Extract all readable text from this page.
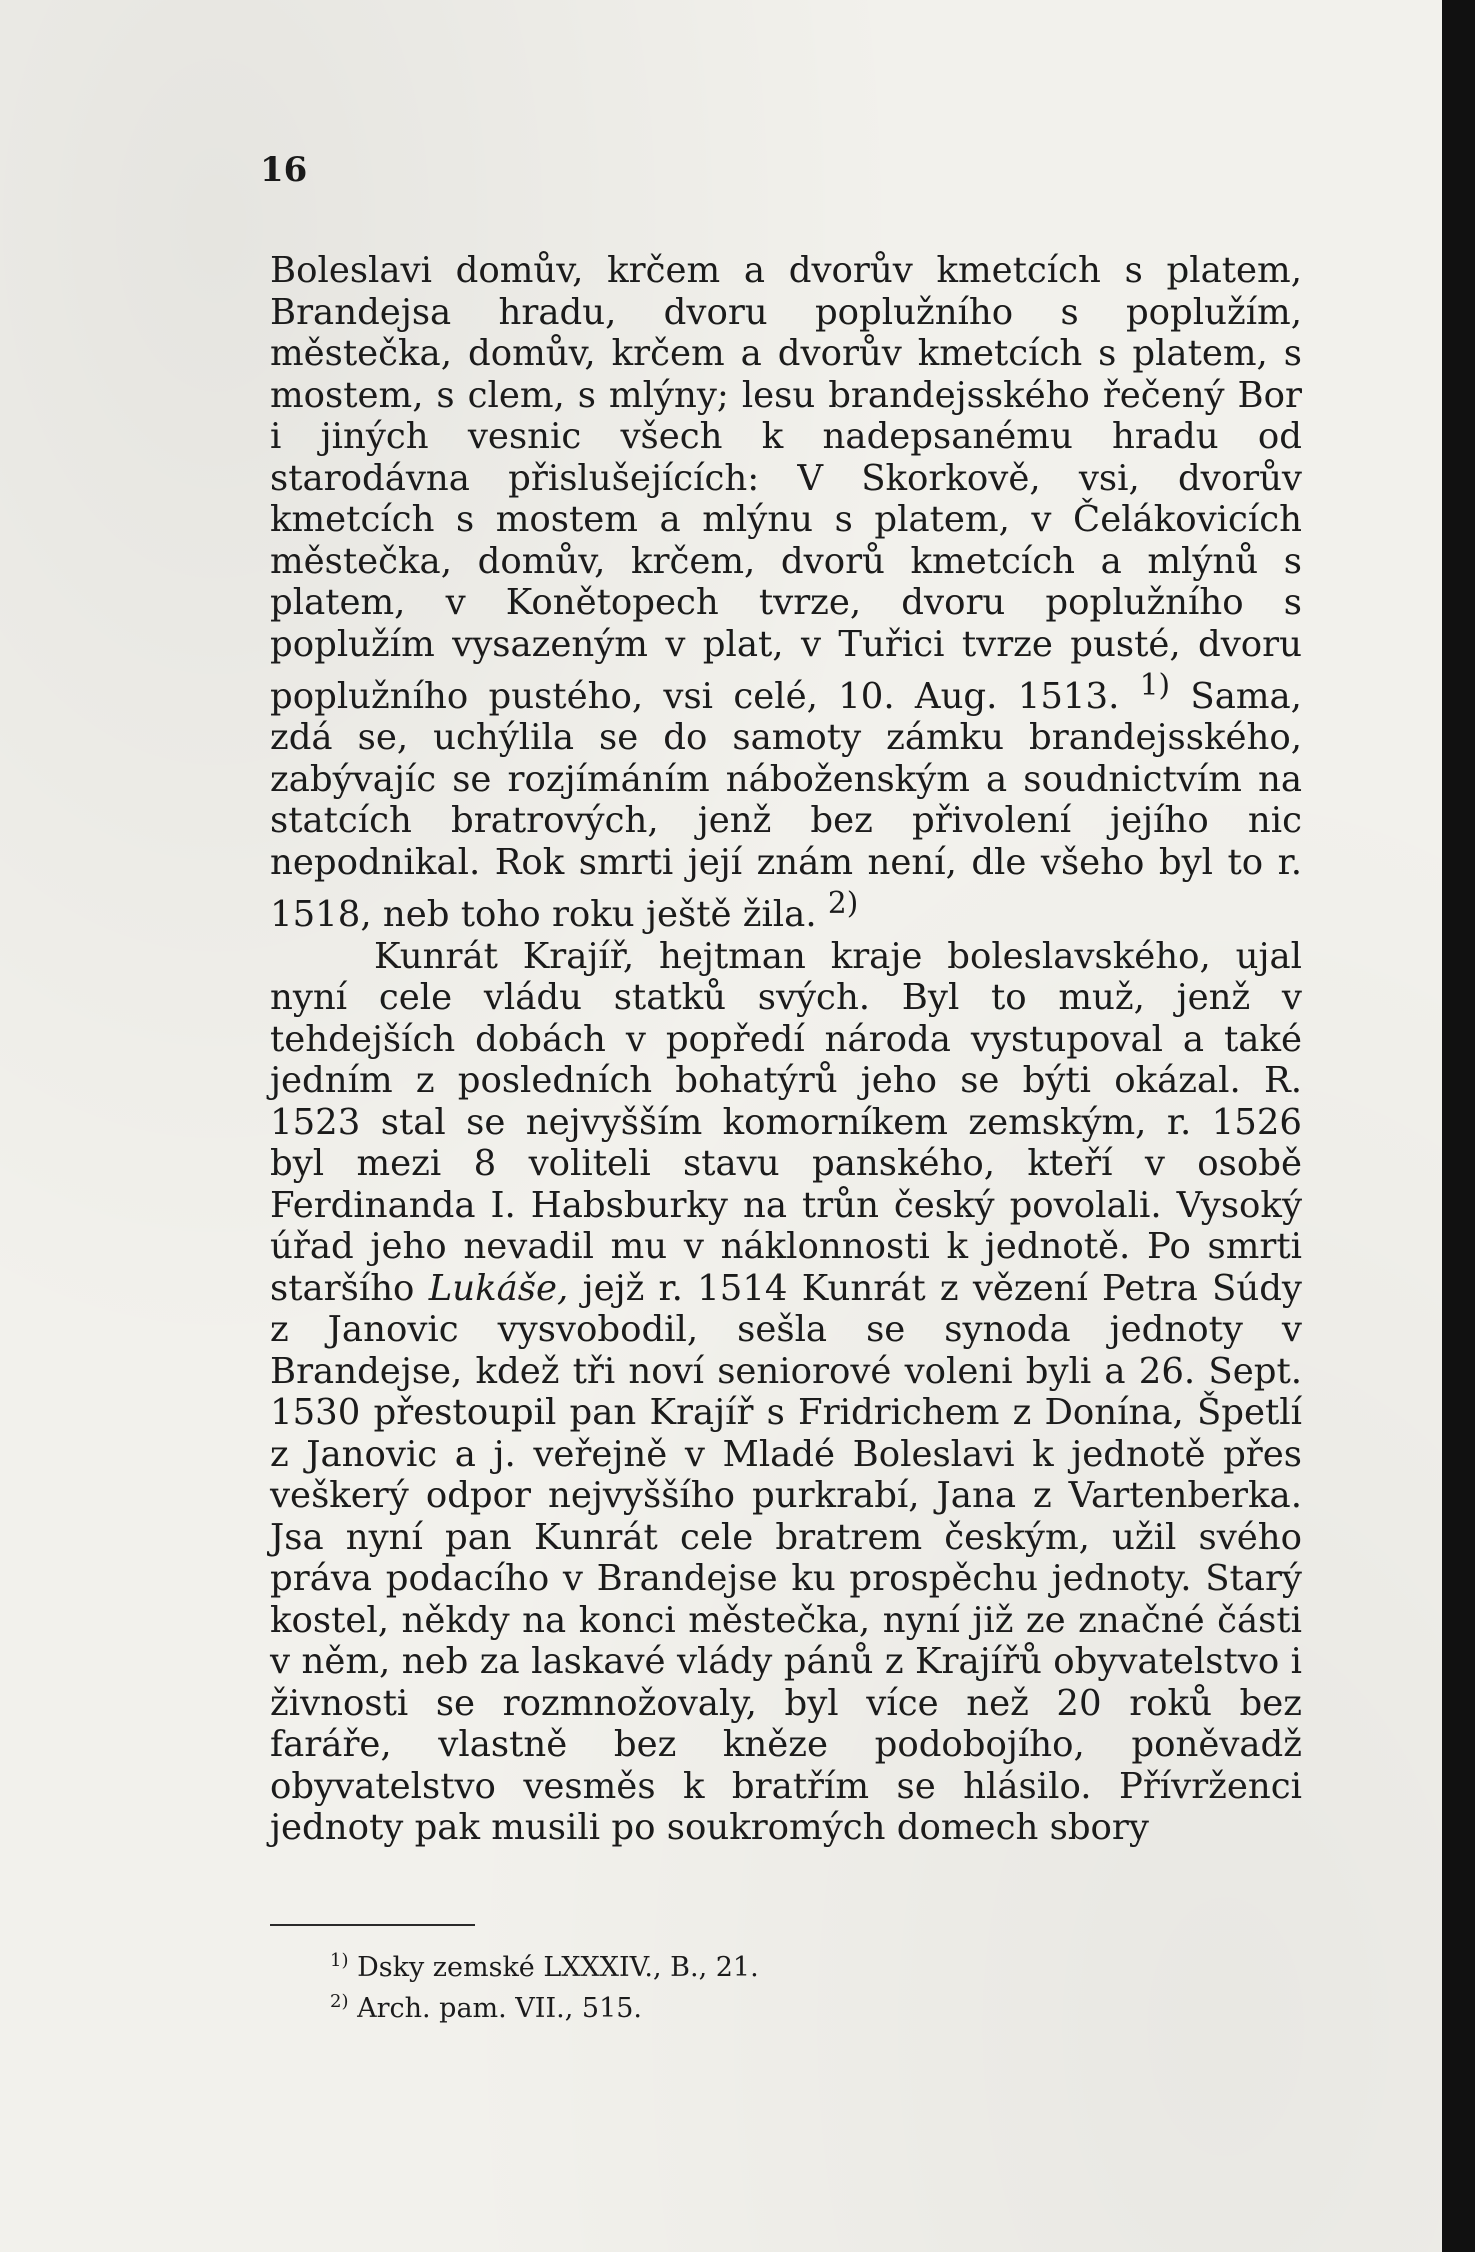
16

Boleslavi domův, krčem a dvorův kmetcích s platem, Brandejsa hradu, dvoru poplužního s poplužím, městečka, domův, krčem a dvorův kmetcích s platem, s mostem, s clem, s mlýny; lesu brandejsského řečený Bor i jiných vesnic všech k nadepsanému hradu od starodávna přislušejících: V Skorkově, vsi, dvorův kmetcích s mostem a mlýnu s platem, v Čelákovicích městečka, domův, krčem, dvorů kmetcích a mlýnů s platem, v Konětopech tvrze, dvoru poplužního s poplužím vysazeným v plat, v Tuřici tvrze pusté, dvoru poplužního pustého, vsi celé, 10. Aug. 1513. $^{1)}$ Sama, zdá se, uchýlila se do samoty zámku brandejsského, zabývajíc se rozjímáním náboženským a soudnictvím na statcích bratrových, jenž bez přivolení jejího nic nepodnikal. Rok smrti její znám není, dle všeho byl to r. 1518, neb toho roku ještě žila. $^{2)}$

Kunrát Krajíř, hejtman kraje boleslavského, ujal nyní cele vládu statků svých. Byl to muž, jenž v tehdejších dobách v popředí národa vystupoval a také jedním z posledních bohatýrů jeho se býti okázal. R. 1523 stal se nejvyšším komorníkem zemským, r. 1526 byl mezi 8 voliteli stavu panského, kteří v osobě Ferdinanda I. Habsburky na trůn český povolali. Vysoký úřad jeho nevadil mu v náklonnosti k jednotě. Po smrti staršího Lukáše, jejž r. 1514 Kunrát z vězení Petra Súdy z Janovic vysvobodil, sešla se synoda jednoty v Brandejse, kdež tři noví seniorové voleni byli a 26. Sept. 1530 přestoupil pan Krajíř s Fridrichem z Donína, Špetlí z Janovic a j. veřejně v Mladé Boleslavi k jednotě přes veškerý odpor nejvyššího purkrabí, Jana z Vartenberka. Jsa nyní pan Kunrát cele bratrem českým, užil svého práva podacího v Brandejse ku prospěchu jednoty. Starý kostel, někdy na konci městečka, nyní již ze značné části v něm, neb za laskavé vlády pánů z Krajířů obyvatelstvo i živnosti se rozmnožovaly, byl více než 20 roků bez faráře, vlastně bez kněze podobojího, poněvadž obyvatelstvo vesměs k bratřím se hlásilo. Přívrženci jednoty pak musili po soukromých domech sbory

$^{1)}$ Dsky zemské LXXXIV., B., 21.

$^{2)}$ Arch. pam. VII., 515.
